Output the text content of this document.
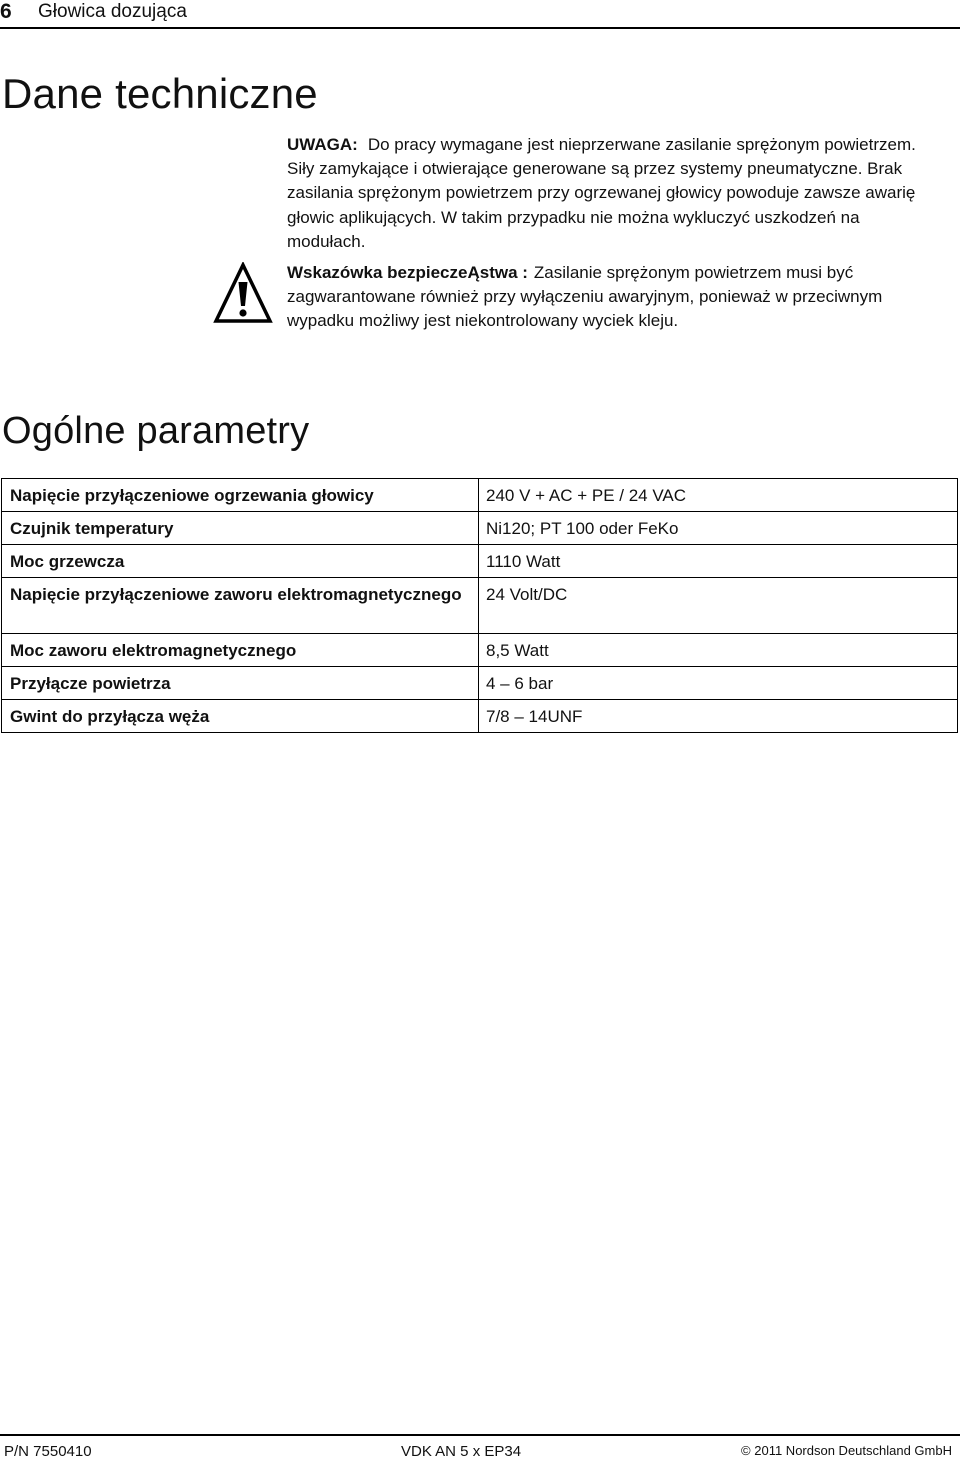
6 Głowica dozująca
Dane techniczne
UWAGA: Do pracy wymagane jest nieprzerwane zasilanie sprężonym powietrzem. Siły zamykające i otwierające generowane są przez systemy pneumatyczne. Brak zasilania sprężonym powietrzem przy ogrzewanej głowicy powoduje zawsze awarię głowic aplikujących. W takim przypadku nie można wykluczyć uszkodzeń na modułach.
Wskazówka bezpieczeĄstwa : Zasilanie sprężonym powietrzem musi być zagwarantowane również przy wyłączeniu awaryjnym, ponieważ w przeciwnym wypadku możliwy jest niekontrolowany wyciek kleju.
Ogólne parametry
Napięcie przyłączeniowe ogrzewania głowicy	240 V + AC + PE / 24 VAC
Czujnik temperatury	Ni120; PT 100 oder FeKo
Moc grzewcza	1110 Watt
Napięcie przyłączeniowe zaworu elektromagnetycznego	24 Volt/DC
Moc zaworu elektromagnetycznego	8,5 Watt
Przyłącze powietrza	4 – 6 bar
Gwint do przyłącza węża	7/8 – 14UNF
P/N 7550410	VDK AN 5 x EP34	© 2011 Nordson Deutschland GmbH
